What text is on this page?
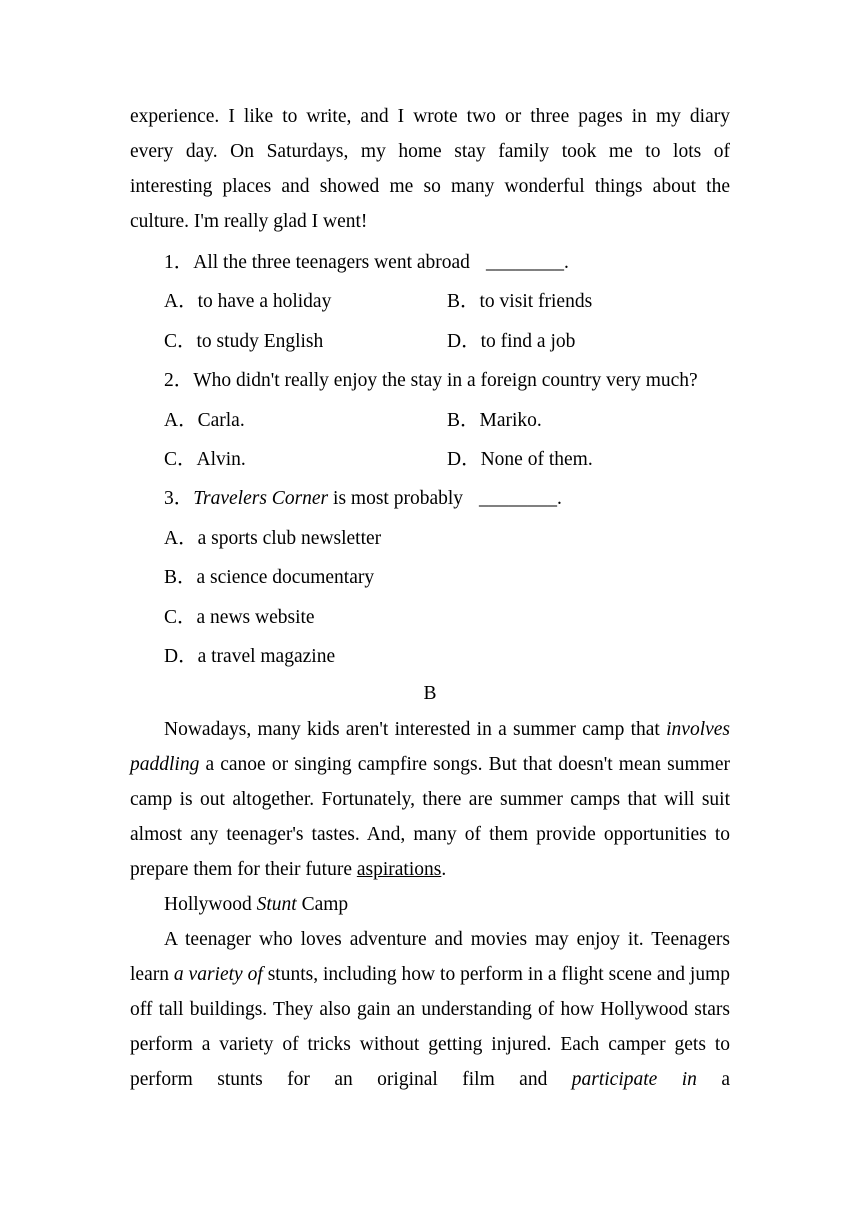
experience. I like to write, and I wrote two or three pages in my diary

every day. On Saturdays, my home stay family took me to lots of

interesting places and showed me so many wonderful things about the

culture. I'm really glad I went!

1．All the three teenagers went abroad ________.

A．to have a holiday	B．to visit friends
C．to study English	D．to find a job

2．Who didn't really enjoy the stay in a foreign country very much?

A．Carla.	B．Mariko.
C．Alvin.	D．None of them.

3．Travelers Corner is most probably ________.

A．a sports club newsletter

B．a science documentary

C．a news website

D．a travel magazine

B

Nowadays, many kids aren't interested in a summer camp that involves paddling a canoe or singing campfire songs. But that doesn't mean summer camp is out altogether. Fortunately, there are summer camps that will suit almost any teenager's tastes. And, many of them provide opportunities to prepare them for their future aspirations.

Hollywood Stunt Camp

A teenager who loves adventure and movies may enjoy it. Teenagers learn a variety of stunts, including how to perform in a flight scene and jump off tall buildings. They also gain an understanding of how Hollywood stars perform a variety of tricks without getting injured. Each camper gets to perform stunts for an original film and participate in a
